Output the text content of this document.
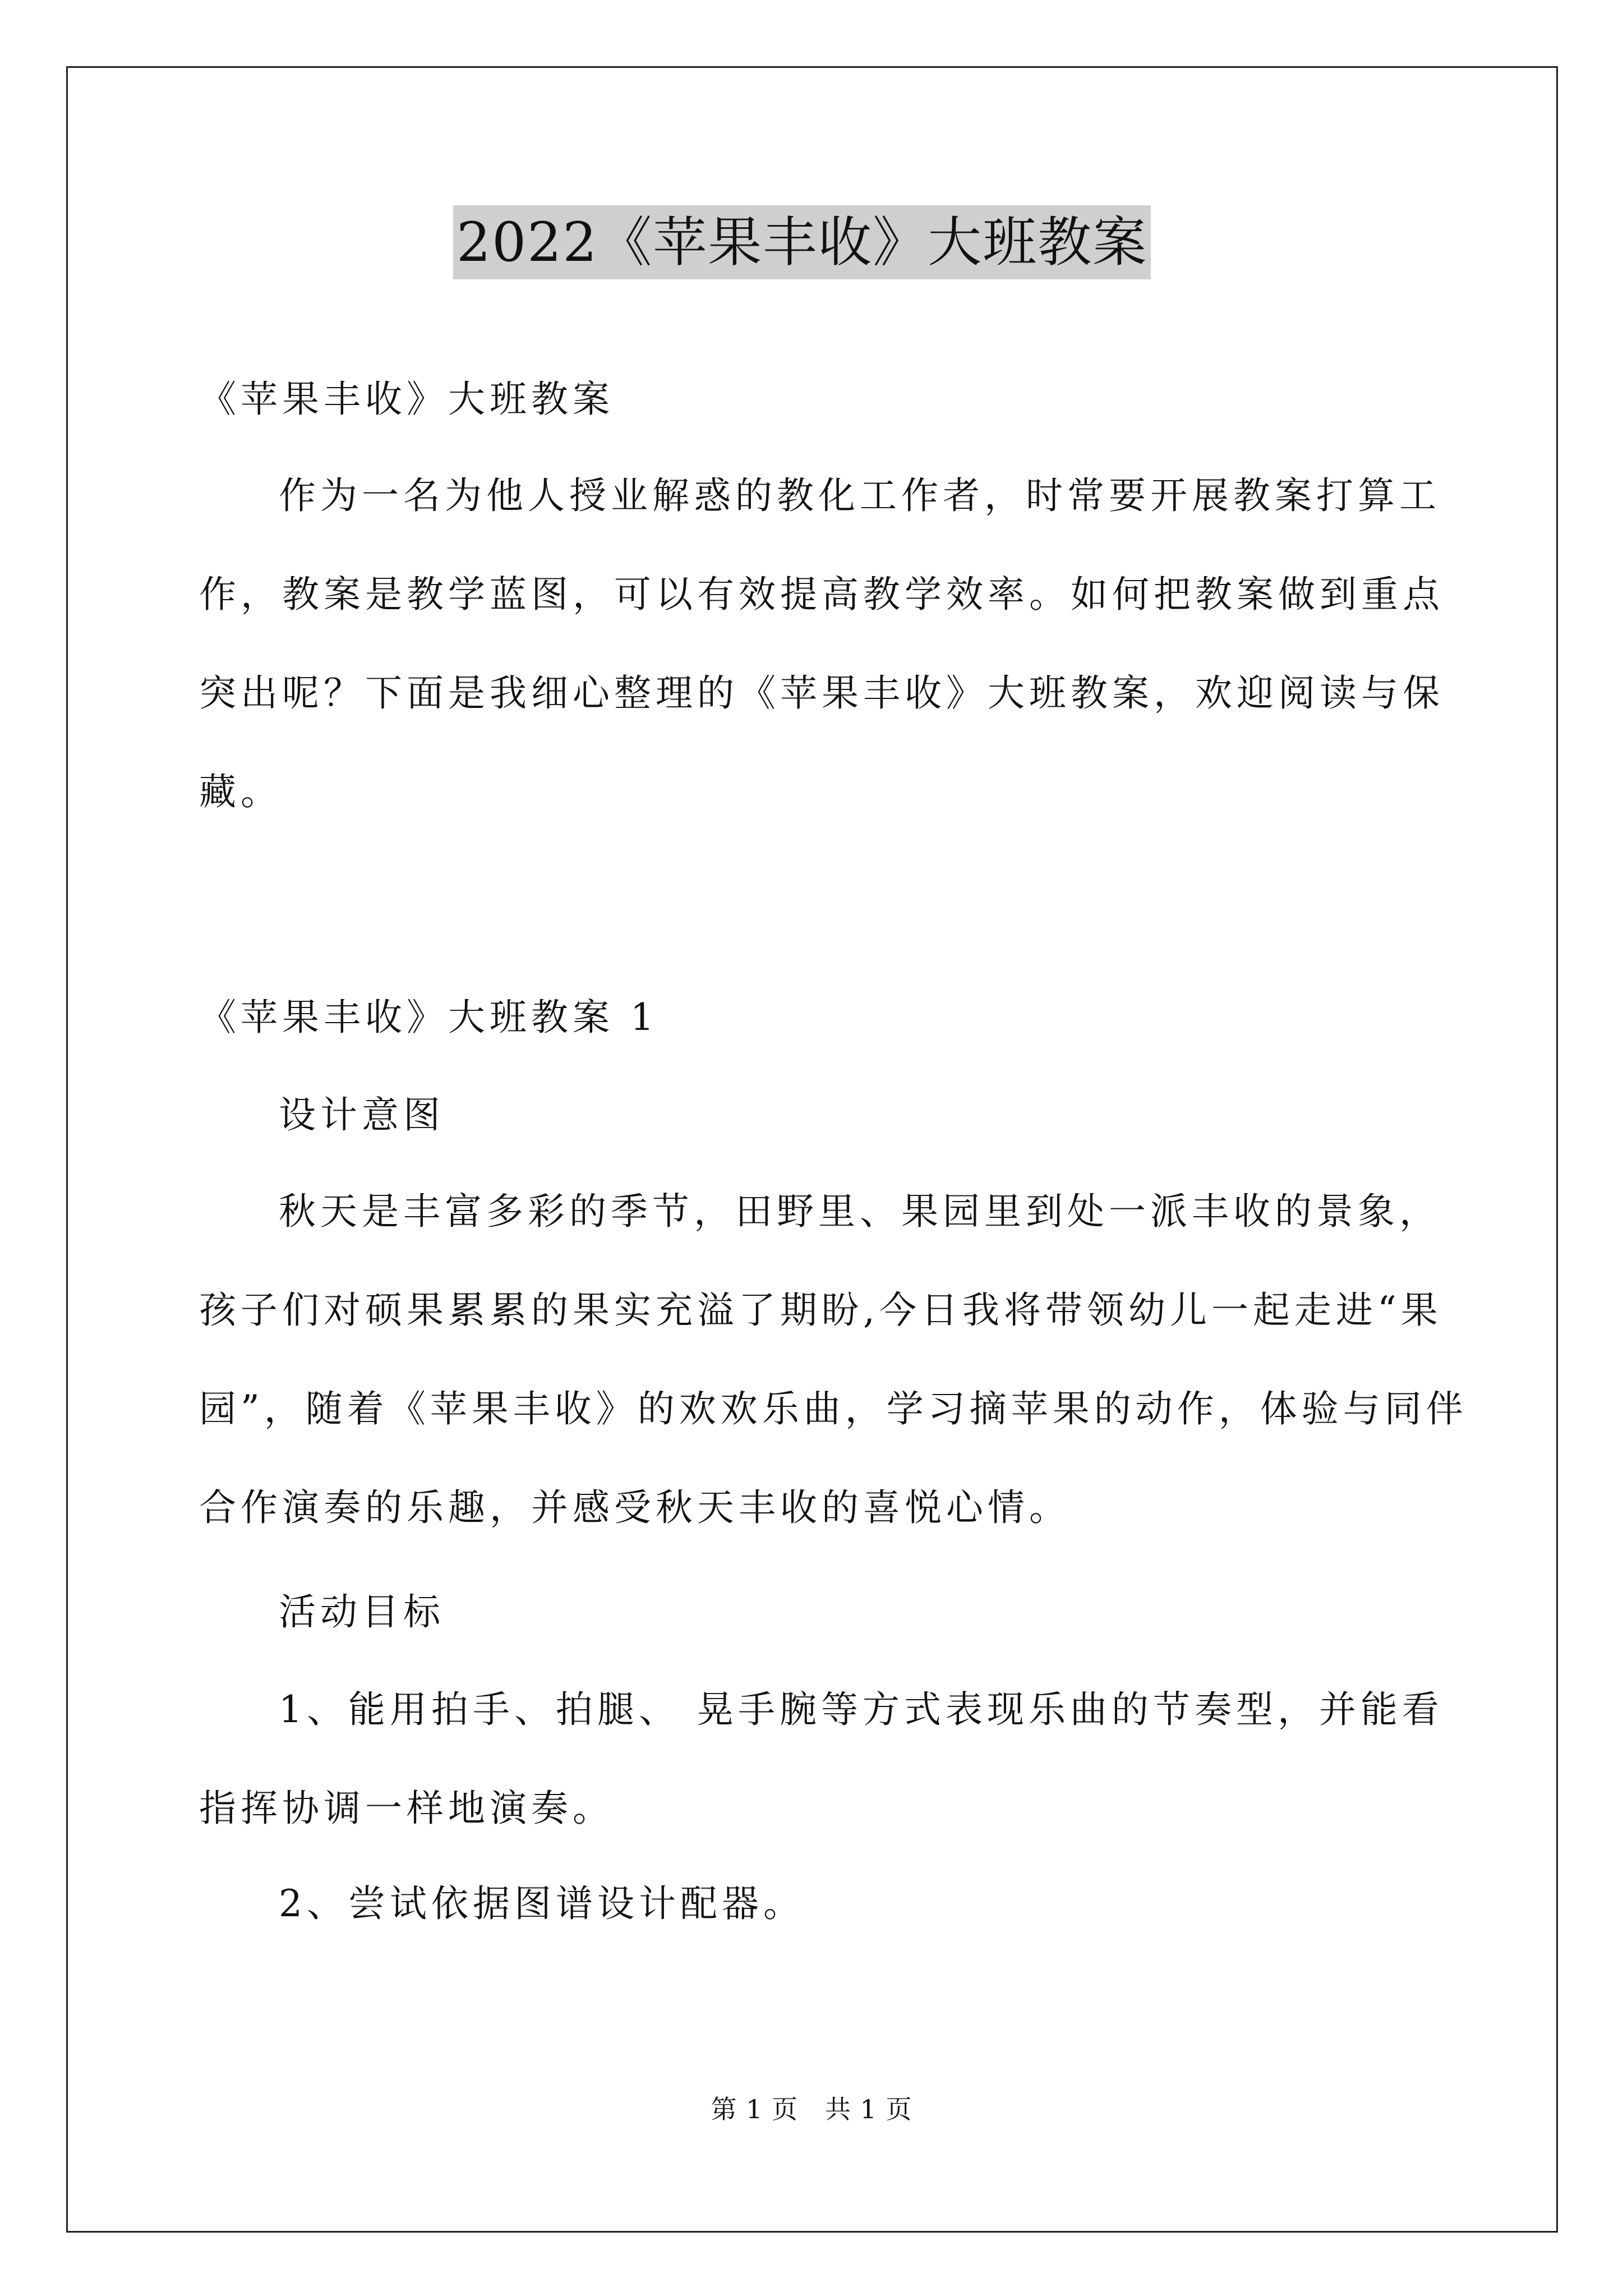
2022《苹果丰收》大班教案

《苹果丰收》大班教案

作为一名为他人授业解惑的教化工作者，时常要开展教案打算工
作，教案是教学蓝图，可以有效提高教学效率。如何把教案做到重点
突出呢？下面是我细心整理的《苹果丰收》大班教案，欢迎阅读与保
藏。

《苹果丰收》大班教案 1

设计意图

秋天是丰富多彩的季节，田野里、果园里到处一派丰收的景象，
孩子们对硕果累累的果实充溢了期盼,今日我将带领幼儿一起走进“果
园”，随着《苹果丰收》的欢欢乐曲，学习摘苹果的动作，体验与同伴
合作演奏的乐趣，并感受秋天丰收的喜悦心情。

活动目标

1、能用拍手、拍腿、 晃手腕等方式表现乐曲的节奏型，并能看
指挥协调一样地演奏。

2、尝试依据图谱设计配器。

第 1 页 共 1 页
